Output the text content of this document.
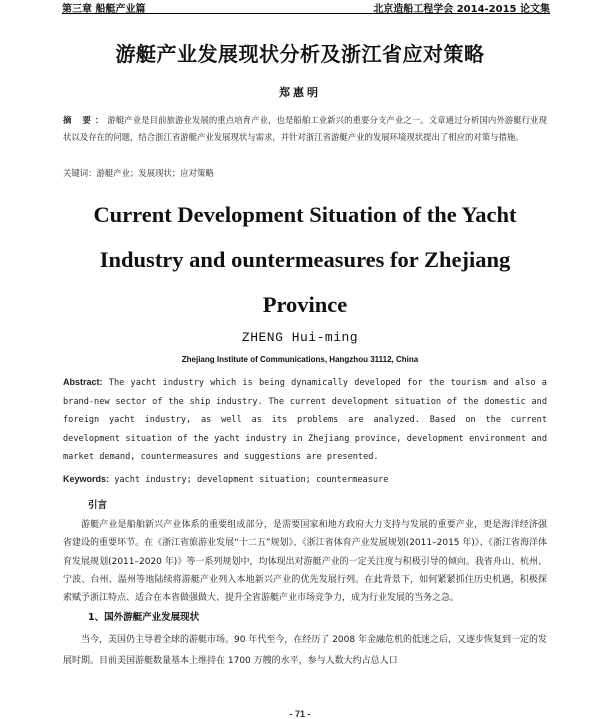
第三章 船艇产业篇	北京造船工程学会 2014-2015 论文集
游艇产业发展现状分析及浙江省应对策略
郑惠明
摘 要：游艇产业是目前旅游业发展的重点培育产业，也是船舶工业新兴的重要分支产业之一。文章通过分析国内外游艇行业现状以及存在的问题，结合浙江省游艇产业发展现状与需求，并针对浙江省游艇产业的发展环境现状提出了相应的对策与措施。
关键词：游艇产业；发展现状；应对策略
Current Development Situation of the Yacht Industry and ountermeasures for Zhejiang Province
ZHENG Hui-ming
Zhejiang Institute of Communications, Hangzhou 31112, China
Abstract: The yacht industry which is being dynamically developed for the tourism and also a brand-new sector of the ship industry. The current development situation of the domestic and foreign yacht industry, as well as its problems are analyzed. Based on the current development situation of the yacht industry in Zhejiang province, development environment and market demand, countermeasures and suggestions are presented.
Keywords: yacht industry; development situation; countermeasure
引言
游艇产业是船舶新兴产业体系的重要组成部分，是需要国家和地方政府大力支持与发展的重要产业，更是海洋经济强省建设的重要环节。在《浙江省旅游业发展“十二五”规划》、《浙江省体育产业发展规划(2011–2015 年)》、《浙江省海洋体育发展规划(2011–2020 年)》等一系列规划中，均体现出对游艇产业的一定关注度与积极引导的倾向。我省舟山、杭州、宁波、台州、温州等地陆续将游艇产业列入本地新兴产业的优先发展行列。在此背景下，如何紧紧抓住历史机遇，积极探索赋予浙江特点、适合在本省做强做大、提升全省游艇产业市场竞争力，成为行业发展的当务之急。
1、国外游艇产业发展现状
当今，美国仍主导着全球的游艇市场。90 年代至今，在经历了 2008 年金融危机的低迷之后，又逐步恢复到一定的发展时期。目前美国游艇数量基本上维持在 1700 万艘的水平，参与人数大约占总人口
- 71 -
